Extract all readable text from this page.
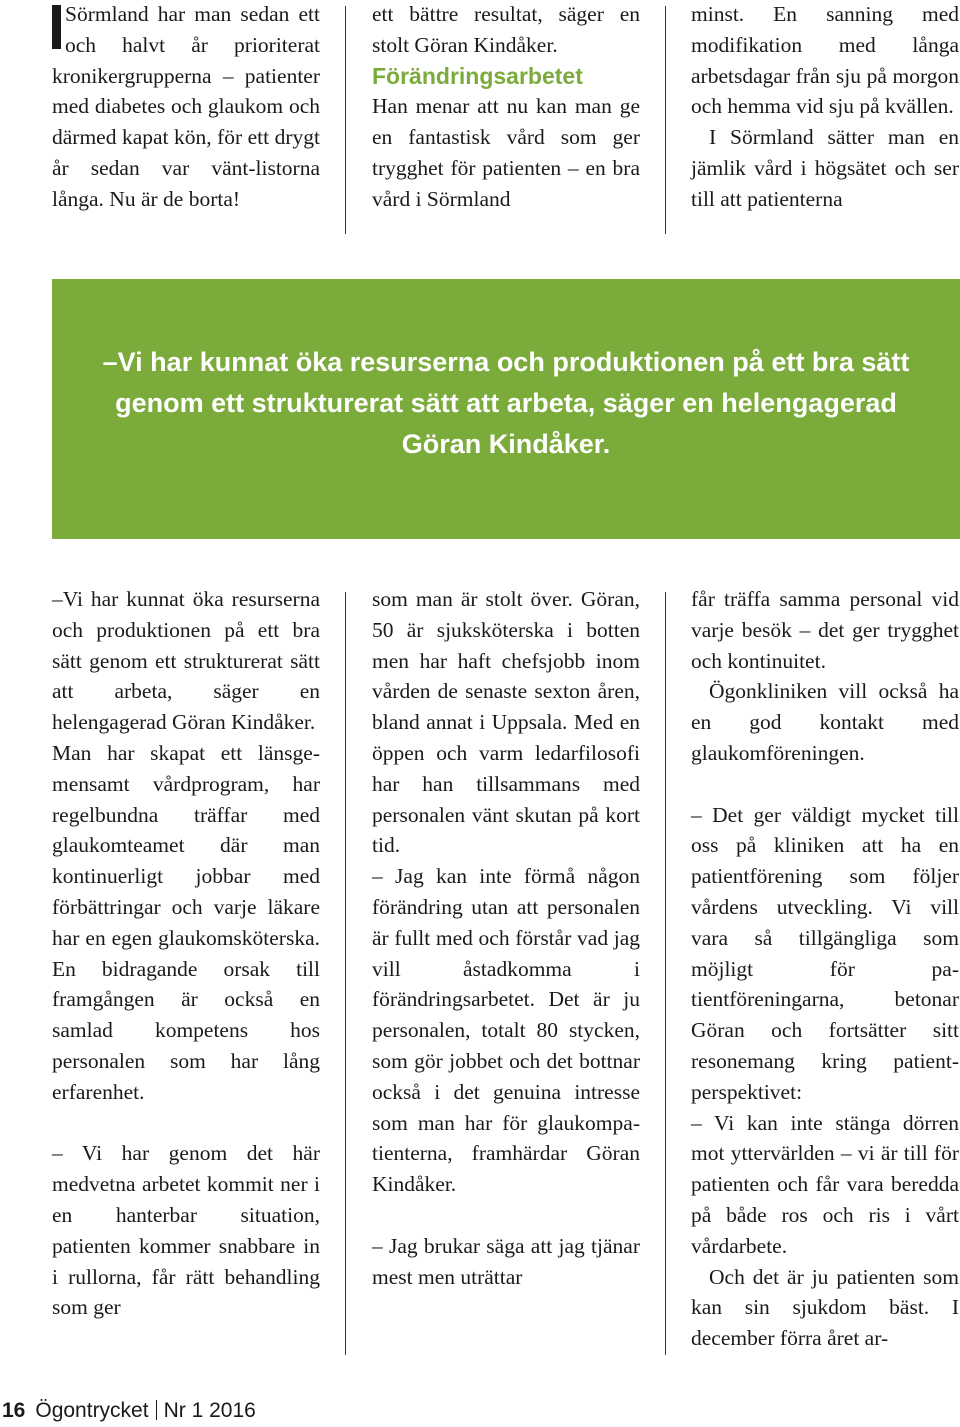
Sörmland har man sedan ett och halvt år prioriterat kronikergrupperna – patienter med diabetes och glaukom och därmed kapat kön, för ett drygt år sedan var vänt-listorna långa. Nu är de borta!

ett bättre resultat, säger en stolt Göran Kindåker.

Förändringsarbetet

Han menar att nu kan man ge en fantastisk vård som ger trygghet för patienten – en bra vård i Sörmland

minst. En sanning med modifikation med långa arbetsdagar från sju på morgon och hemma vid sju på kvällen.

I Sörmland sätter man en jämlik vård i högsätet och ser till att patienterna

–Vi har kunnat öka resurserna och produktionen på ett bra sätt genom ett strukturerat sätt att arbeta, säger en helengagerad Göran Kindåker.

–Vi har kunnat öka resurserna och produktionen på ett bra sätt genom ett strukturerat sätt att arbeta, säger en helengagerad Göran Kindåker.

Man har skapat ett länsgemensamt vårdprogram, har regelbundna träffar med glaukomteamet där man kontinuerligt jobbar med förbättringar och varje läkare har en egen glaukomsköterska. En bidragande orsak till framgången är också en samlad kompetens hos personalen som har lång erfarenhet.

– Vi har genom det här medvetna arbetet kommit ner i en hanterbar situation, patienten kommer snabbare in i rullorna, får rätt behandling som ger

som man är stolt över. Göran, 50 är sjuksköterska i botten men har haft chefsjobb inom vården de senaste sexton åren, bland annat i Uppsala. Med en öppen och varm ledarfilosofi har han tillsammans med personalen vänt skutan på kort tid.

– Jag kan inte förmå någon förändring utan att personalen är fullt med och förstår vad jag vill åstadkomma i förändringsarbetet. Det är ju personalen, totalt 80 stycken, som gör jobbet och det bottnar också i det genuina intresse som man har för glaukompatienterna, framhärdar Göran Kindåker.

– Jag brukar säga att jag tjänar mest men uträttar

får träffa samma personal vid varje besök – det ger trygghet och kontinuitet.

Ögonkliniken vill också ha en god kontakt med glaukomföreningen.

– Det ger väldigt mycket till oss på kliniken att ha en patientförening som följer vårdens utveckling. Vi vill vara så tillgängliga som möjligt för patientföreningarna, betonar Göran och fortsätter sitt resonemang kring patientperspektivet:

– Vi kan inte stänga dörren mot yttervärlden – vi är till för patienten och får vara beredda på både ros och ris i vårt vårdarbete.

Och det är ju patienten som kan sin sjukdom bäst. I december förra året ar-

16 Ögontrycket Nr 1 2016
